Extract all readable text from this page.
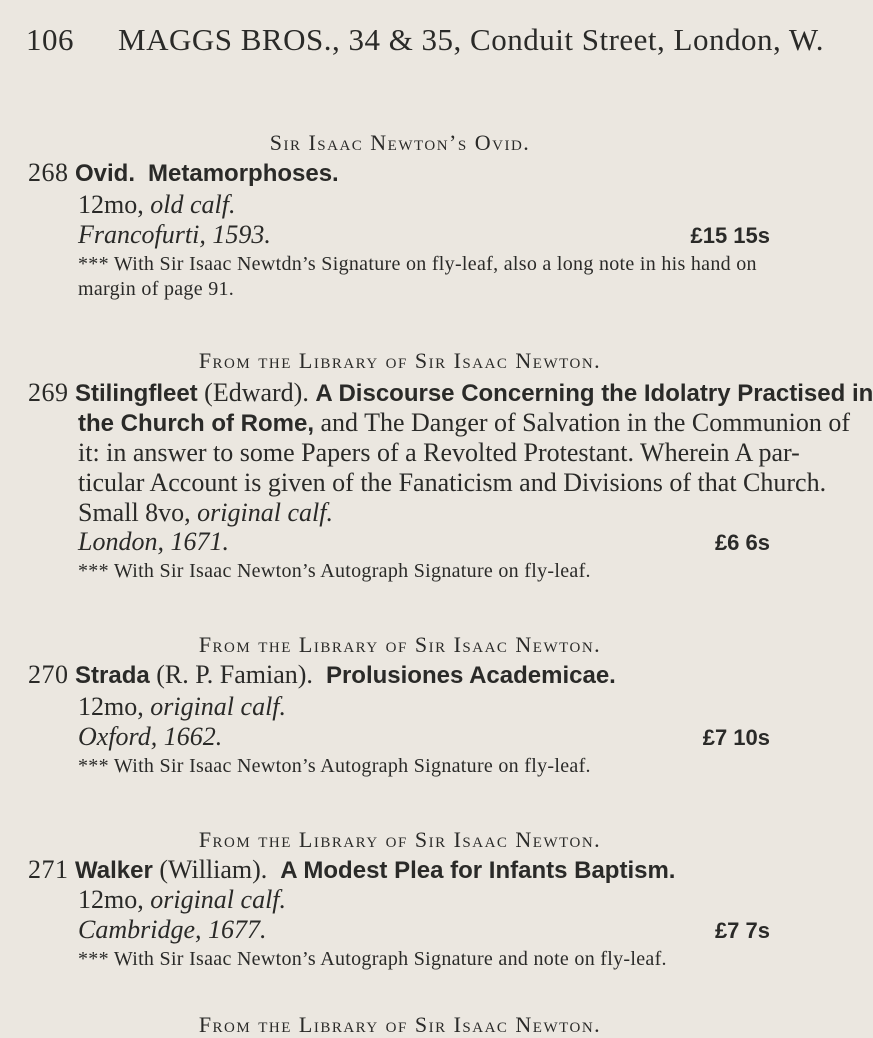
106 MAGGS BROS., 34 & 35, Conduit Street, London, W.
Sir Isaac Newton’s Ovid.
268 Ovid. Metamorphoses.
12mo, old calf.
Francofurti, 1593.	£15 15s
*** With Sir Isaac Newtdn’s Signature on fly-leaf, also a long note in his hand on
margin of page 91.
From the Library of Sir Isaac Newton.
269 Stilingfleet (Edward). A Discourse Concerning the Idolatry Practised in
the Church of Rome, and The Danger of Salvation in the Communion of
it: in answer to some Papers of a Revolted Protestant. Wherein A par-
ticular Account is given of the Fanaticism and Divisions of that Church.
Small 8vo, original calf.
London, 1671.	£6 6s
*** With Sir Isaac Newton’s Autograph Signature on fly-leaf.
From the Library of Sir Isaac Newton.
270 Strada (R. P. Famian). Prolusiones Academicae.
12mo, original calf.
Oxford, 1662.	£7 10s
*** With Sir Isaac Newton’s Autograph Signature on fly-leaf.
From the Library of Sir Isaac Newton.
271 Walker (William). A Modest Plea for Infants Baptism.
12mo, original calf.
Cambridge, 1677.	£7 7s
*** With Sir Isaac Newton’s Autograph Signature and note on fly-leaf.
From the Library of Sir Isaac Newton.
